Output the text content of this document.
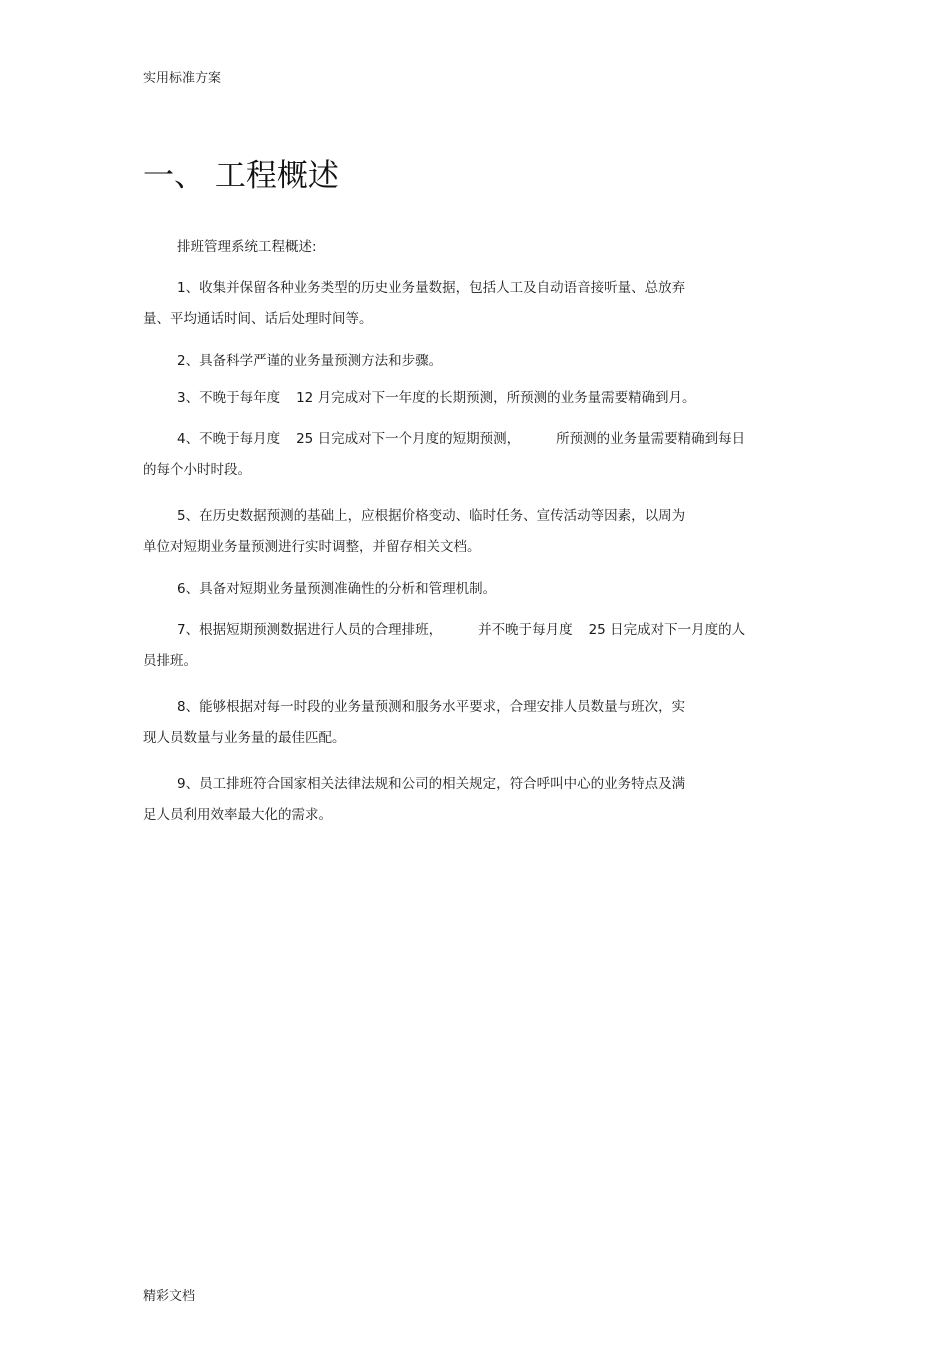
实用标准方案
一、 工程概述

排班管理系统工程概述:

1、收集并保留各种业务类型的历史业务量数据，包括人工及自动语音接听量、总放弃
量、平均通话时间、话后处理时间等。

2、具备科学严谨的业务量预测方法和步骤。

3、不晚于每年度 12 月完成对下一年度的长期预测，所预测的业务量需要精确到月。

4、不晚于每月度 25 日完成对下一个月度的短期预测，	所预测的业务量需要精确到每日
的每个小时时段。

5、在历史数据预测的基础上，应根据价格变动、临时任务、宣传活动等因素，以周为
单位对短期业务量预测进行实时调整，并留存相关文档。

6、具备对短期业务量预测准确性的分析和管理机制。

7、根据短期预测数据进行人员的合理排班，	并不晚于每月度 25 日完成对下一月度的人
员排班。

8、能够根据对每一时段的业务量预测和服务水平要求，合理安排人员数量与班次，实
现人员数量与业务量的最佳匹配。

9、员工排班符合国家相关法律法规和公司的相关规定，符合呼叫中心的业务特点及满
足人员利用效率最大化的需求。

精彩文档
